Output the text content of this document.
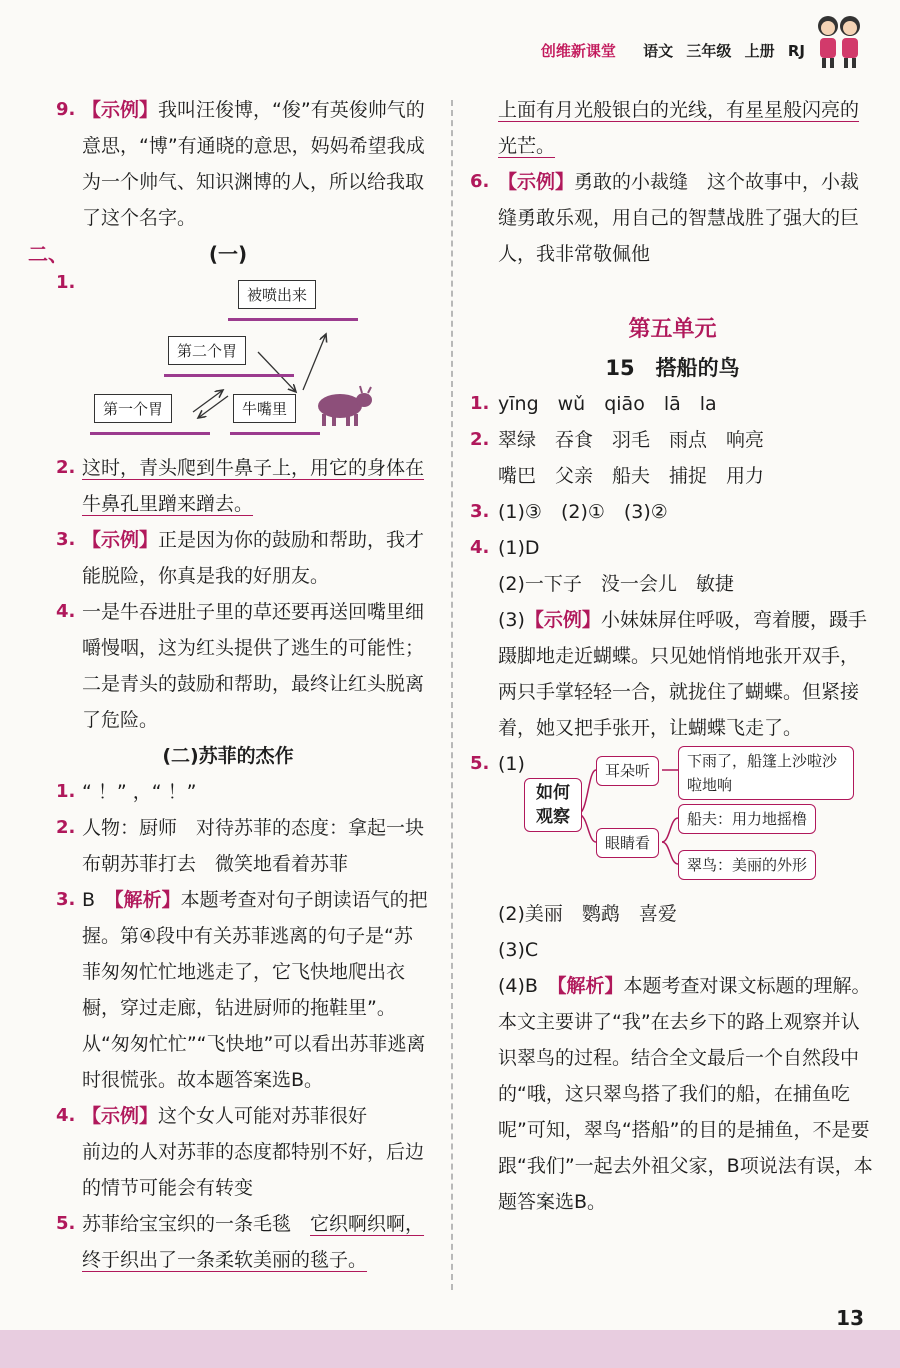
创维新课堂 语文 三年级 上册 RJ
9. 【示例】我叫汪俊博，“俊”有英俊帅气的意思，“博”有通晓的意思，妈妈希望我成为一个帅气、知识渊博的人，所以给我取了这个名字。
二、	(一)
1.
被喷出来
第二个胃
第一个胃	牛嘴里
2. 这时，青头爬到牛鼻子上，用它的身体在牛鼻孔里蹭来蹭去。
3. 【示例】正是因为你的鼓励和帮助，我才能脱险，你真是我的好朋友。
4. 一是牛吞进肚子里的草还要再送回嘴里细嚼慢咽，这为红头提供了逃生的可能性；二是青头的鼓励和帮助，最终让红头脱离了危险。
(二)苏菲的杰作
1. “ ！” ，“ ！”
2. 人物：厨师　对待苏菲的态度：拿起一块布朝苏菲打去　微笑地看着苏菲
3. B　 【解析】本题考查对句子朗读语气的把握。第④段中有关苏菲逃离的句子是“苏菲匆匆忙忙地逃走了，它飞快地爬出衣橱，穿过走廊，钻进厨师的拖鞋里”。从“匆匆忙忙”“飞快地”可以看出苏菲逃离时很慌张。故本题答案选B。
4. 【示例】这个女人可能对苏菲很好
前边的人对苏菲的态度都特别不好，后边的情节可能会有转变
5. 苏菲给宝宝织的一条毛毯　它织啊织啊，终于织出了一条柔软美丽的毯子。
上面有月光般银白的光线，有星星般闪亮的光芒。
6. 【示例】勇敢的小裁缝　这个故事中，小裁缝勇敢乐观，用自己的智慧战胜了强大的巨人，我非常敬佩他
第五单元
15　搭船的鸟
1. yīng　wǔ　qiāo　lā　la
2. 翠绿　吞食　羽毛　雨点　响亮
嘴巴　父亲　船夫　捕捉　用力
3. (1)③　(2)①　(3)②
4. (1)D
(2)一下子　没一会儿　敏捷
(3)【示例】小妹妹屏住呼吸，弯着腰，蹑手蹑脚地走近蝴蝶。只见她悄悄地张开双手，两只手掌轻轻一合，就拢住了蝴蝶。但紧接着，她又把手张开，让蝴蝶飞走了。
5. (1)
如何观察
耳朵听
下雨了，船篷上沙啦沙啦地响
眼睛看
船夫：用力地摇橹
翠鸟：美丽的外形
(2)美丽　鹦鹉　喜爱
(3)C
(4)B　 【解析】本题考查对课文标题的理解。本文主要讲了“我”在去乡下的路上观察并认识翠鸟的过程。结合全文最后一个自然段中的“哦，这只翠鸟搭了我们的船，在捕鱼吃呢”可知，翠鸟“搭船”的目的是捕鱼，不是要跟“我们”一起去外祖父家，B项说法有误，本题答案选B。
13
